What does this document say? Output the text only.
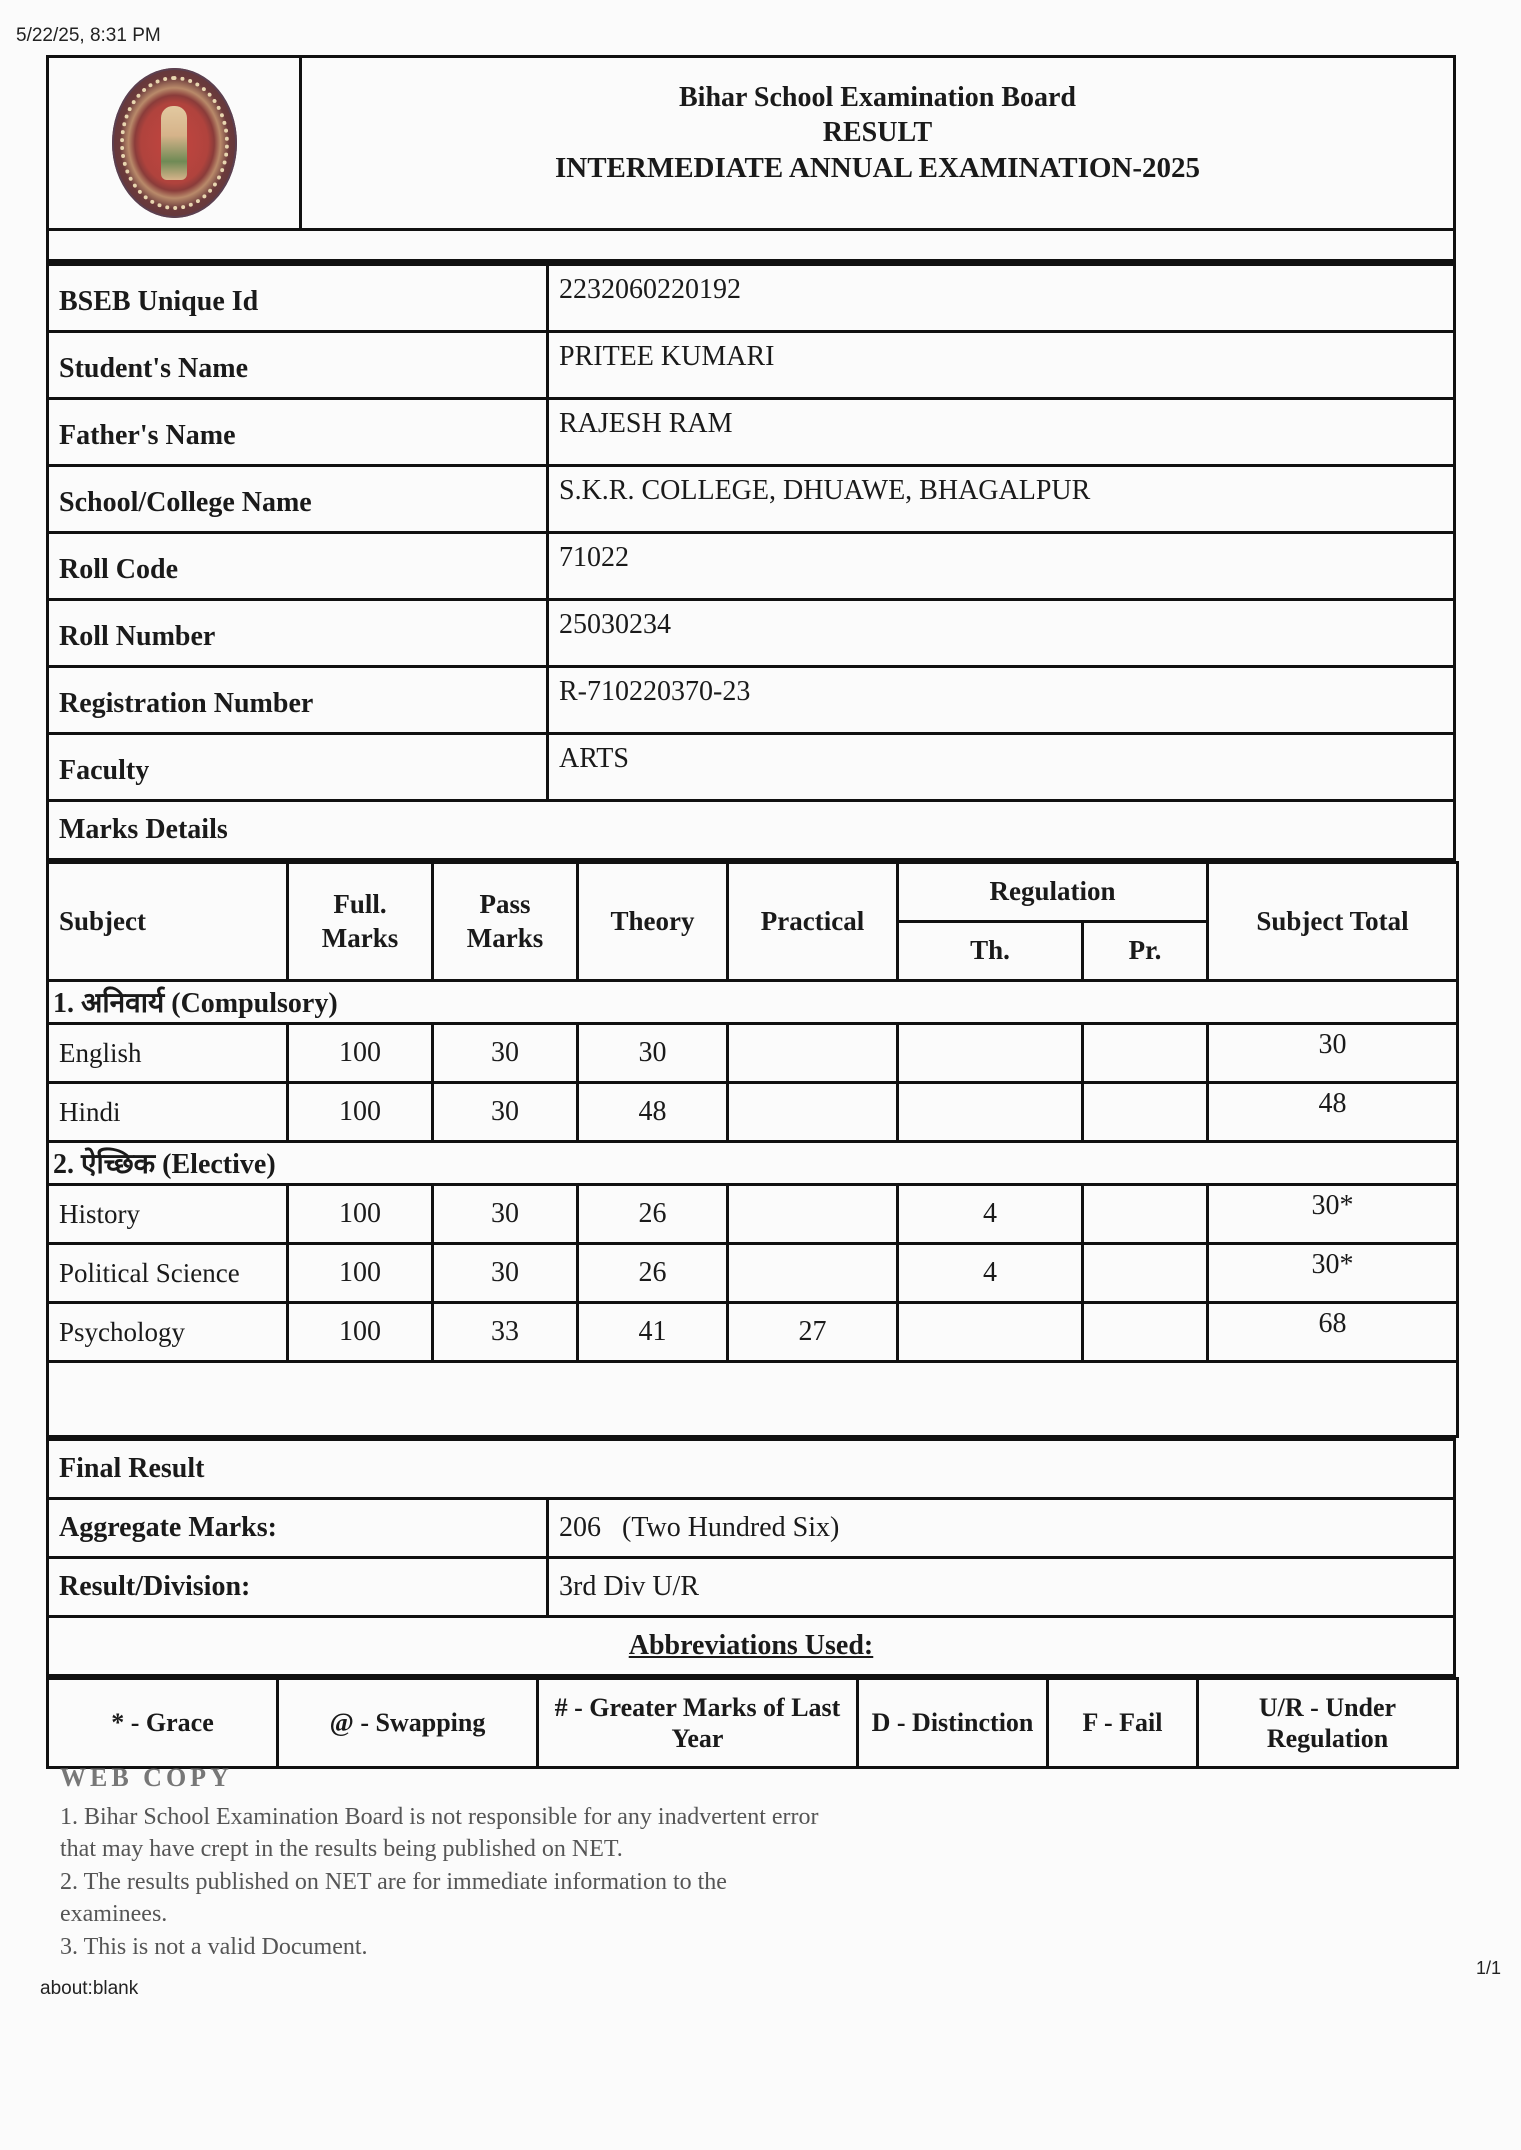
5/22/25, 8:31 PM
Bihar School Examination Board
RESULT
INTERMEDIATE ANNUAL EXAMINATION-2025
BSEB Unique Id	2232060220192
Student's Name	PRITEE KUMARI
Father's Name	RAJESH RAM
School/College Name	S.K.R. COLLEGE, DHUAWE, BHAGALPUR
Roll Code	71022
Roll Number	25030234
Registration Number	R-710220370-23
Faculty	ARTS
Marks Details	
Subject	Full. Marks	Pass Marks	Theory	Practical	Regulation		Subject Total
					Th.	Pr.	
1. अनिवार्य (Compulsory)							
English	100	30	30				30
Hindi	100	30	48				48
2. ऐच्छिक (Elective)							
History	100	30	26		4		30*
Political Science	100	30	26		4		30*
Psychology	100	33	41	27			68

Final Result	
Aggregate Marks:	206 (Two Hundred Six)
Result/Division:	3rd Div U/R
Abbreviations Used:	
* - Grace	@ - Swapping	# - Greater Marks of Last Year	D - Distinction	F - Fail	U/R - Under Regulation
WEB COPY
1. Bihar School Examination Board is not responsible for any inadvertent error
that may have crept in the results being published on NET.
2. The results published on NET are for immediate information to the
examinees.
3. This is not a valid Document.
about:blank
1/1
